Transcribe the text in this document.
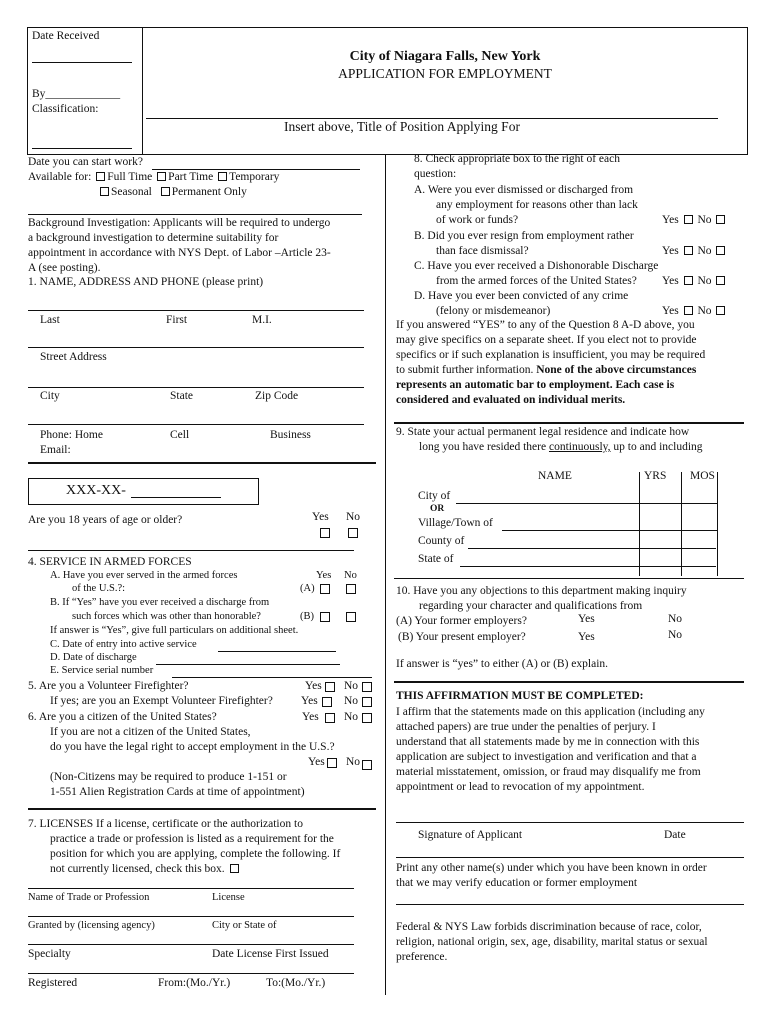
Date Received
By_____________
Classification:
City of Niagara Falls, New York
APPLICATION FOR EMPLOYMENT
Insert above, Title of Position Applying For
Date you can start work?
Available for: Full Time Part Time Temporary
Seasonal Permanent Only
Background Investigation: Applicants will be required to undergo
a background investigation to determine suitability for
appointment in accordance with NYS Dept. of Labor –Article 23-
A (see posting).
1. NAME, ADDRESS AND PHONE (please print)
Last	First	M.I.
Street Address
City	State	Zip Code
Phone: Home	Cell	Business
Email:
XXX-XX-
Are you 18 years of age or older?	Yes No
4. SERVICE IN ARMED FORCES
A. Have you ever served in the armed forces	Yes No
of the U.S.?:	(A)
B. If “Yes” have you ever received a discharge from
such forces which was other than honorable?	(B)
If answer is “Yes”, give full particulars on additional sheet.
C. Date of entry into active service
D. Date of discharge
E. Service serial number
5. Are you a Volunteer Firefighter?	Yes No
If yes; are you an Exempt Volunteer Firefighter? Yes No
6. Are you a citizen of the United States?	Yes No
If you are not a citizen of the United States,
do you have the legal right to accept employment in the U.S.?
Yes No
(Non-Citizens may be required to produce 1-151 or
1-551 Alien Registration Cards at time of appointment)
7. LICENSES If a license, certificate or the authorization to
practice a trade or profession is listed as a requirement for the
position for which you are applying, complete the following. If
not currently licensed, check this box.
Name of Trade or Profession	License
Granted by (licensing agency)	City or State of
Specialty	Date License First Issued
Registered	From:(Mo./Yr.)	To:(Mo./Yr.)
8. Check appropriate box to the right of each
question:
A. Were you ever dismissed or discharged from
any employment for reasons other than lack
of work or funds?	Yes No
B. Did you ever resign from employment rather
than face dismissal?	Yes No
C. Have you ever received a Dishonorable Discharge
from the armed forces of the United States? Yes No
D. Have you ever been convicted of any crime
(felony or misdemeanor)	Yes No
If you answered “YES” to any of the Question 8 A-D above, you
may give specifics on a separate sheet. If you elect not to provide
specifics or if such explanation is insufficient, you may be required
to submit further information. None of the above circumstances
represents an automatic bar to employment. Each case is
considered and evaluated on individual merits.
9. State your actual permanent legal residence and indicate how
long you have resided there continuously, up to and including
NAME	YRS MOS
City of
OR
Village/Town of
County of
State of
10. Have you any objections to this department making inquiry
regarding your character and qualifications from
(A) Your former employers?	Yes	No
(B) Your present employer?	Yes	No
If answer is “yes” to either (A) or (B) explain.
THIS AFFIRMATION MUST BE COMPLETED:
I affirm that the statements made on this application (including any
attached papers) are true under the penalties of perjury. I
understand that all statements made by me in connection with this
application are subject to investigation and verification and that a
material misstatement, omission, or fraud may disqualify me from
appointment or lead to revocation of my appointment.
Signature of Applicant	Date
Print any other name(s) under which you have been known in order
that we may verify education or former employment
Federal & NYS Law forbids discrimination because of race, color,
religion, national origin, sex, age, disability, marital status or sexual
preference.
